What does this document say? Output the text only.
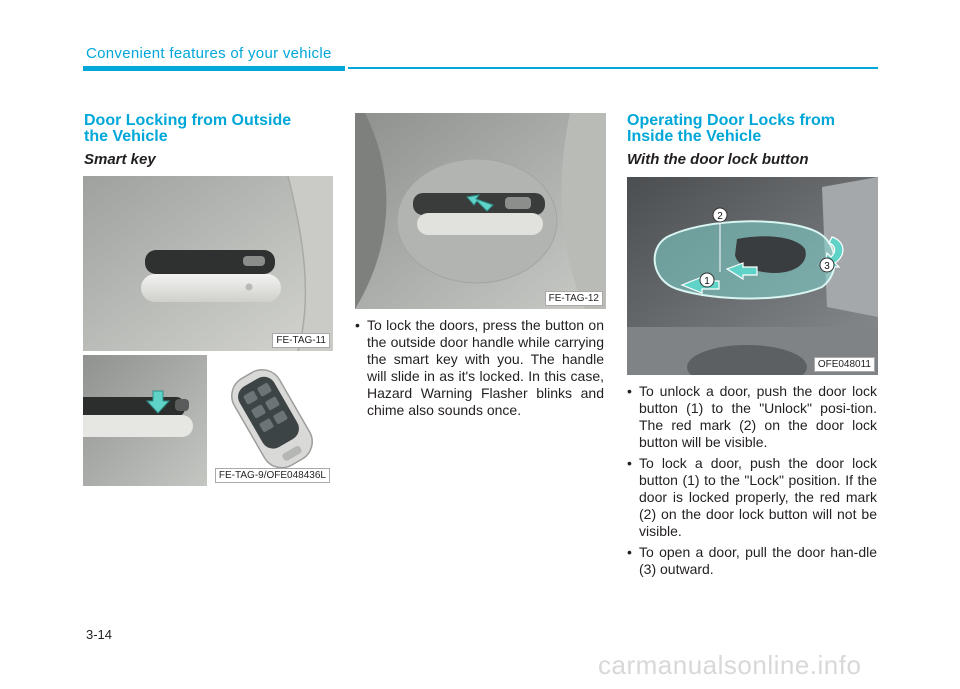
Convenient features of your vehicle
Door Locking from Outside
the Vehicle
Smart key
FE-TAG-11
FE-TAG-9/OFE048436L
FE-TAG-12

• To lock the doors, press the button on the outside door handle while carrying the smart key with you. The handle will slide in as it's locked. In this case, Hazard Warning Flasher blinks and chime also sounds once.

Operating Door Locks from
Inside the Vehicle
With the door lock button
2
1
3
OFE048011

• To unlock a door, push the door lock button (1) to the "Unlock" posi-tion. The red mark (2) on the door lock button will be visible.

• To lock a door, push the door lock button (1) to the "Lock" position. If the door is locked properly, the red mark (2) on the door lock button will not be visible.

• To open a door, pull the door han-dle (3) outward.

3-14
carmanualsonline.info
